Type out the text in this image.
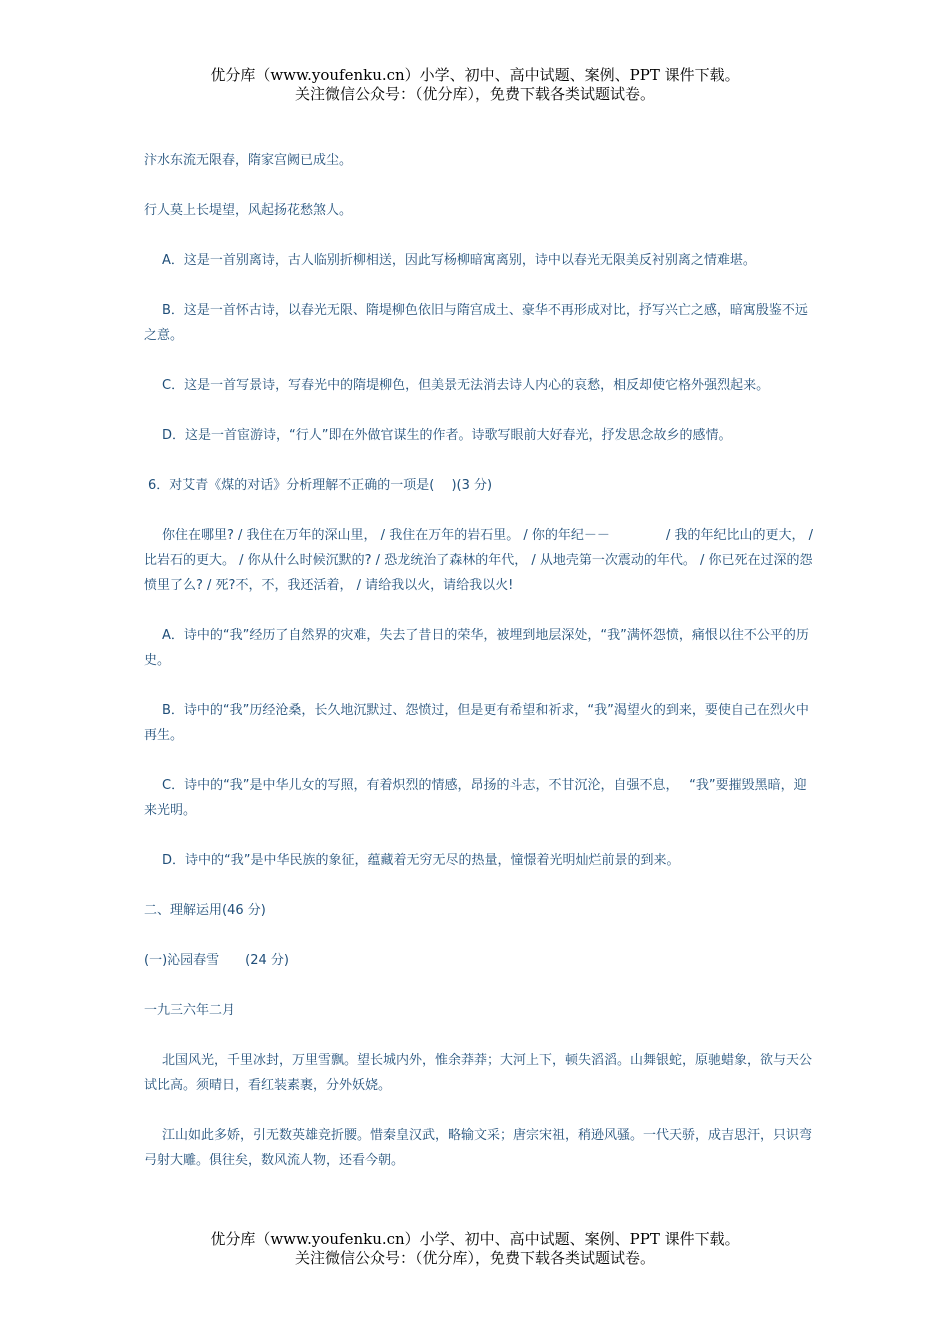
优分库（www.youfenku.cn）小学、初中、高中试题、案例、PPT 课件下载。
关注微信公众号：（优分库），免费下载各类试题试卷。

汴水东流无限春，隋家宫阙已成尘。

行人莫上长堤望，风起扬花愁煞人。

A．这是一首别离诗，古人临别折柳相送，因此写杨柳暗寓离别，诗中以春光无限美反衬别离之情难堪。

B．这是一首怀古诗，以春光无限、隋堤柳色依旧与隋宫成土、豪华不再形成对比，抒写兴亡之感，暗寓殷鉴不远之意。

C．这是一首写景诗，写春光中的隋堤柳色，但美景无法消去诗人内心的哀愁，相反却使它格外强烈起来。

D．这是一首宦游诗，“行人”即在外做官谋生的作者。诗歌写眼前大好春光，抒发思念故乡的感情。

6．对艾青《煤的对话》分析理解不正确的一项是(　 )(3 分)

你住在哪里? / 我住在万年的深山里， / 我住在万年的岩石里。 / 你的年纪－－　　　　 / 我的年纪比山的更大， / 比岩石的更大。 / 你从什么时候沉默的? / 恐龙统治了森林的年代， / 从地壳第一次震动的年代。 / 你已死在过深的怨愤里了么? / 死?不，不，我还活着， / 请给我以火，请给我以火!

A．诗中的“我”经历了自然界的灾难，失去了昔日的荣华，被埋到地层深处，“我”满怀怨愤，痛恨以往不公平的历史。

B．诗中的“我”历经沧桑，长久地沉默过、怨愤过，但是更有希望和祈求，“我”渴望火的到来，要使自己在烈火中再生。

C．诗中的“我”是中华儿女的写照，有着炽烈的情感，昂扬的斗志，不甘沉沦，自强不息，　 “我”要摧毁黑暗，迎来光明。

D．诗中的“我”是中华民族的象征，蕴藏着无穷无尽的热量，憧憬着光明灿烂前景的到来。

二、理解运用(46 分)

(一)沁园春雪　　(24 分)

一九三六年二月

北国风光，千里冰封，万里雪飘。望长城内外，惟余莽莽；大河上下，顿失滔滔。山舞银蛇，原驰蜡象，欲与天公试比高。须晴日，看红装素裹，分外妖娆。

江山如此多娇，引无数英雄竞折腰。惜秦皇汉武，略输文采；唐宗宋祖，稍逊风骚。一代天骄，成吉思汗，只识弯弓射大雕。俱往矣，数风流人物，还看今朝。

优分库（www.youfenku.cn）小学、初中、高中试题、案例、PPT 课件下载。
关注微信公众号：（优分库），免费下载各类试题试卷。
